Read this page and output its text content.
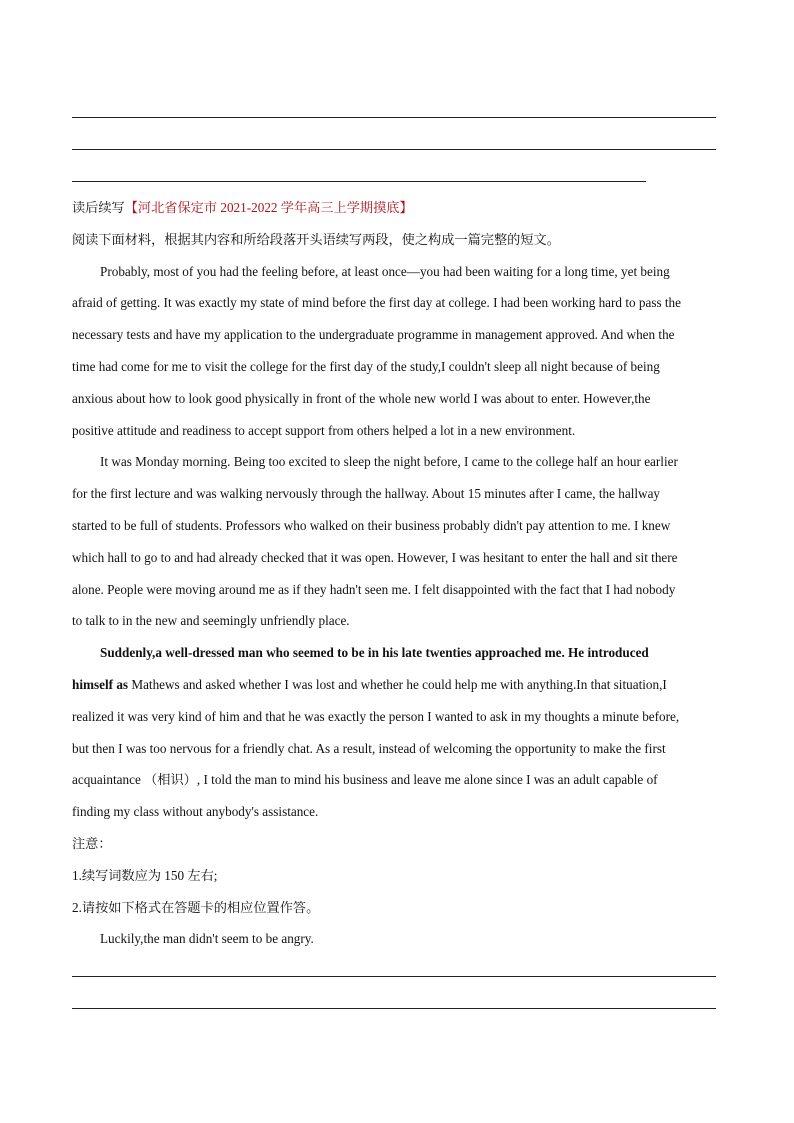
读后续写【河北省保定市 2021-2022 学年高三上学期摸底】
阅读下面材料，根据其内容和所给段落开头语续写两段，使之构成一篇完整的短文。
Probably, most of you had the feeling before, at least once—you had been waiting for a long time, yet being
afraid of getting. It was exactly my state of mind before the first day at college. I had been working hard to pass the
necessary tests and have my application to the undergraduate programme in management approved. And when the
time had come for me to visit the college for the first day of the study,I couldn't sleep all night because of being
anxious about how to look good physically in front of the whole new world I was about to enter. However,the
positive attitude and readiness to accept support from others helped a lot in a new environment.
It was Monday morning. Being too excited to sleep the night before, I came to the college half an hour earlier
for the first lecture and was walking nervously through the hallway. About 15 minutes after I came, the hallway
started to be full of students. Professors who walked on their business probably didn't pay attention to me. I knew
which hall to go to and had already checked that it was open. However, I was hesitant to enter the hall and sit there
alone. People were moving around me as if they hadn't seen me. I felt disappointed with the fact that I had nobody
to talk to in the new and seemingly unfriendly place.
Suddenly,a well-dressed man who seemed to be in his late twenties approached me. He introduced
himself as Mathews and asked whether I was lost and whether he could help me with anything.In that situation,I
realized it was very kind of him and that he was exactly the person I wanted to ask in my thoughts a minute before,
but then I was too nervous for a friendly chat. As a result, instead of welcoming the opportunity to make the first
acquaintance （相识）, I told the man to mind his business and leave me alone since I was an adult capable of
finding my class without anybody's assistance.
注意：
1.续写词数应为 150 左右;
2.请按如下格式在答题卡的相应位置作答。
Luckily,the man didn't seem to be angry.
